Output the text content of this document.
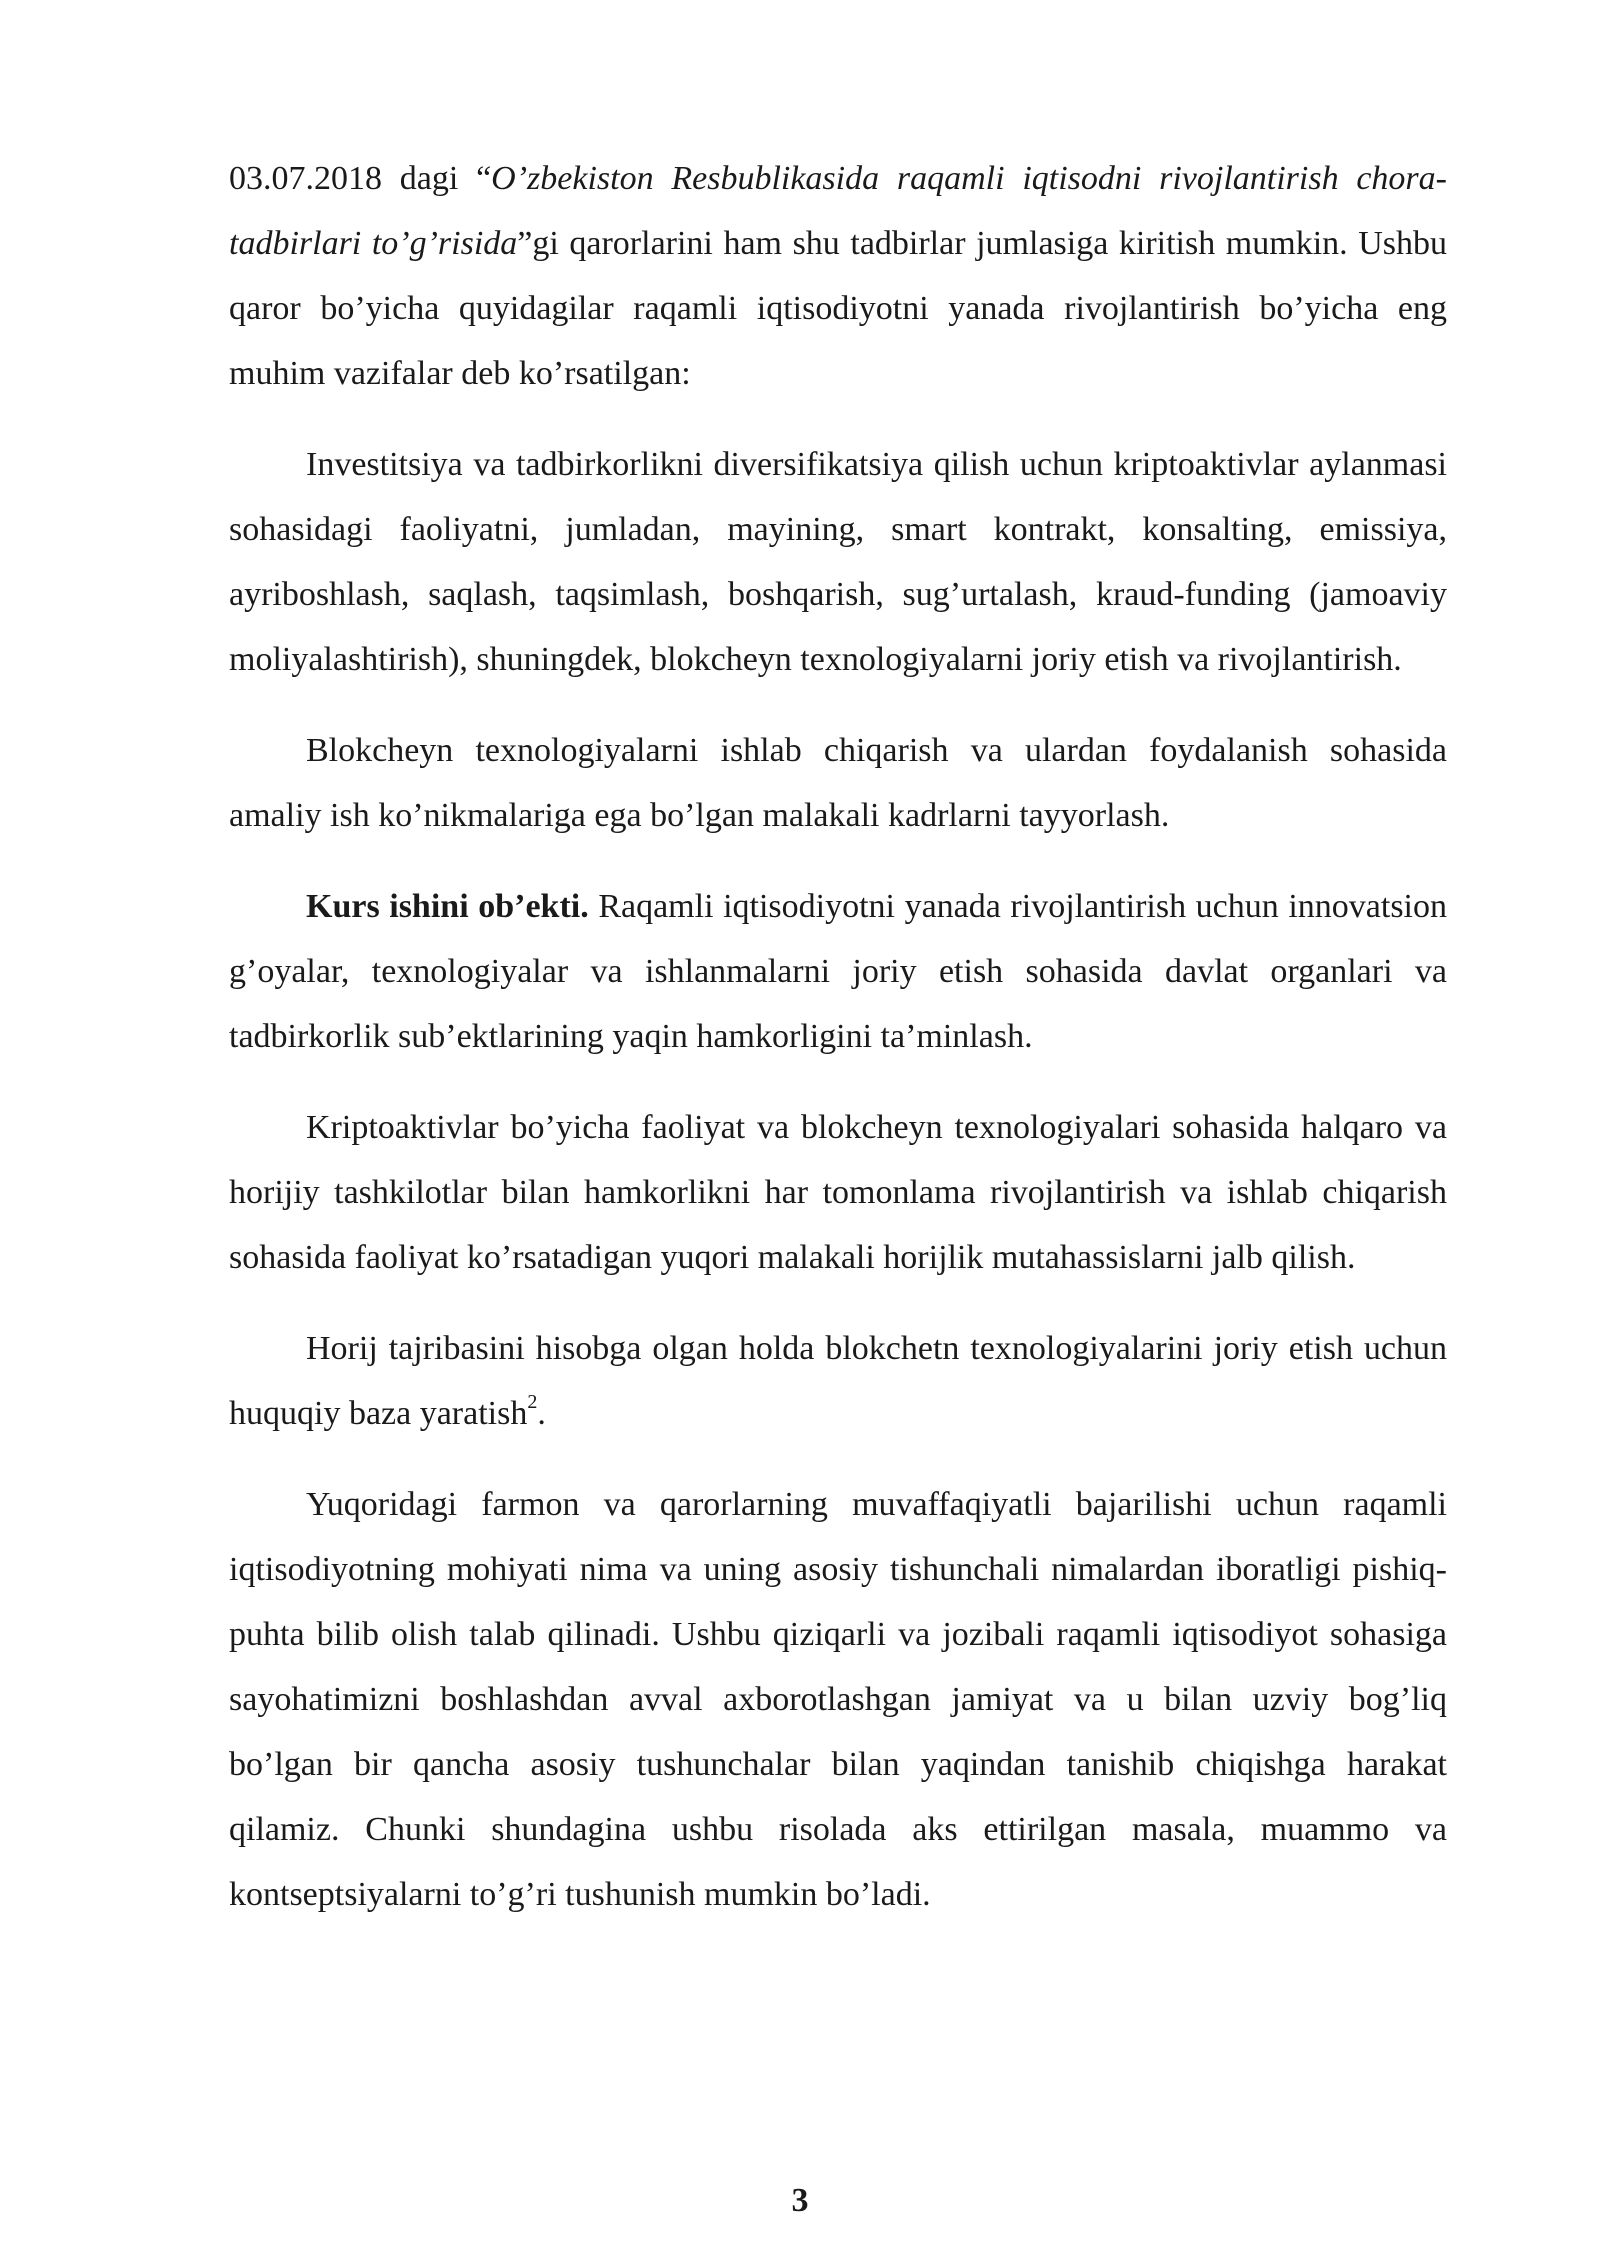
03.07.2018 dagi “O’zbekiston Resbublikasida raqamli iqtisodni rivojlantirish chora-tadbirlari to’g’risida”gi qarorlarini ham shu tadbirlar jumlasiga kiritish mumkin. Ushbu qaror bo’yicha quyidagilar raqamli iqtisodiyotni yanada rivojlantirish bo’yicha eng muhim vazifalar deb ko’rsatilgan:

Investitsiya va tadbirkorlikni diversifikatsiya qilish uchun kriptoaktivlar aylanmasi sohasidagi faoliyatni, jumladan, mayining, smart kontrakt, konsalting, emissiya, ayriboshlash, saqlash, taqsimlash, boshqarish, sug’urtalash, kraud-funding (jamoaviy moliyalashtirish), shuningdek, blokcheyn texnologiyalarni joriy etish va rivojlantirish.

Blokcheyn texnologiyalarni ishlab chiqarish va ulardan foydalanish sohasida amaliy ish ko’nikmalariga ega bo’lgan malakali kadrlarni tayyorlash.

Kurs ishini ob’ekti. Raqamli iqtisodiyotni yanada rivojlantirish uchun innovatsion g’oyalar, texnologiyalar va ishlanmalarni joriy etish sohasida davlat organlari va tadbirkorlik sub’ektlarining yaqin hamkorligini ta’minlash.

Kriptoaktivlar bo’yicha faoliyat va blokcheyn texnologiyalari sohasida halqaro va horijiy tashkilotlar bilan hamkorlikni har tomonlama rivojlantirish va ishlab chiqarish sohasida faoliyat ko’rsatadigan yuqori malakali horijlik mutahassislarni jalb qilish.

Horij tajribasini hisobga olgan holda blokchetn texnologiyalarini joriy etish uchun huquqiy baza yaratish$^2$.

Yuqoridagi farmon va qarorlarning muvaffaqiyatli bajarilishi uchun raqamli iqtisodiyotning mohiyati nima va uning asosiy tishunchali nimalardan iboratligi pishiq-puhta bilib olish talab qilinadi. Ushbu qiziqarli va jozibali raqamli iqtisodiyot sohasiga sayohatimizni boshlashdan avval axborotlashgan jamiyat va u bilan uzviy bog’liq bo’lgan bir qancha asosiy tushunchalar bilan yaqindan tanishib chiqishga harakat qilamiz. Chunki shundagina ushbu risolada aks ettirilgan masala, muammo va kontseptsiyalarni to’g’ri tushunish mumkin bo’ladi.

3
